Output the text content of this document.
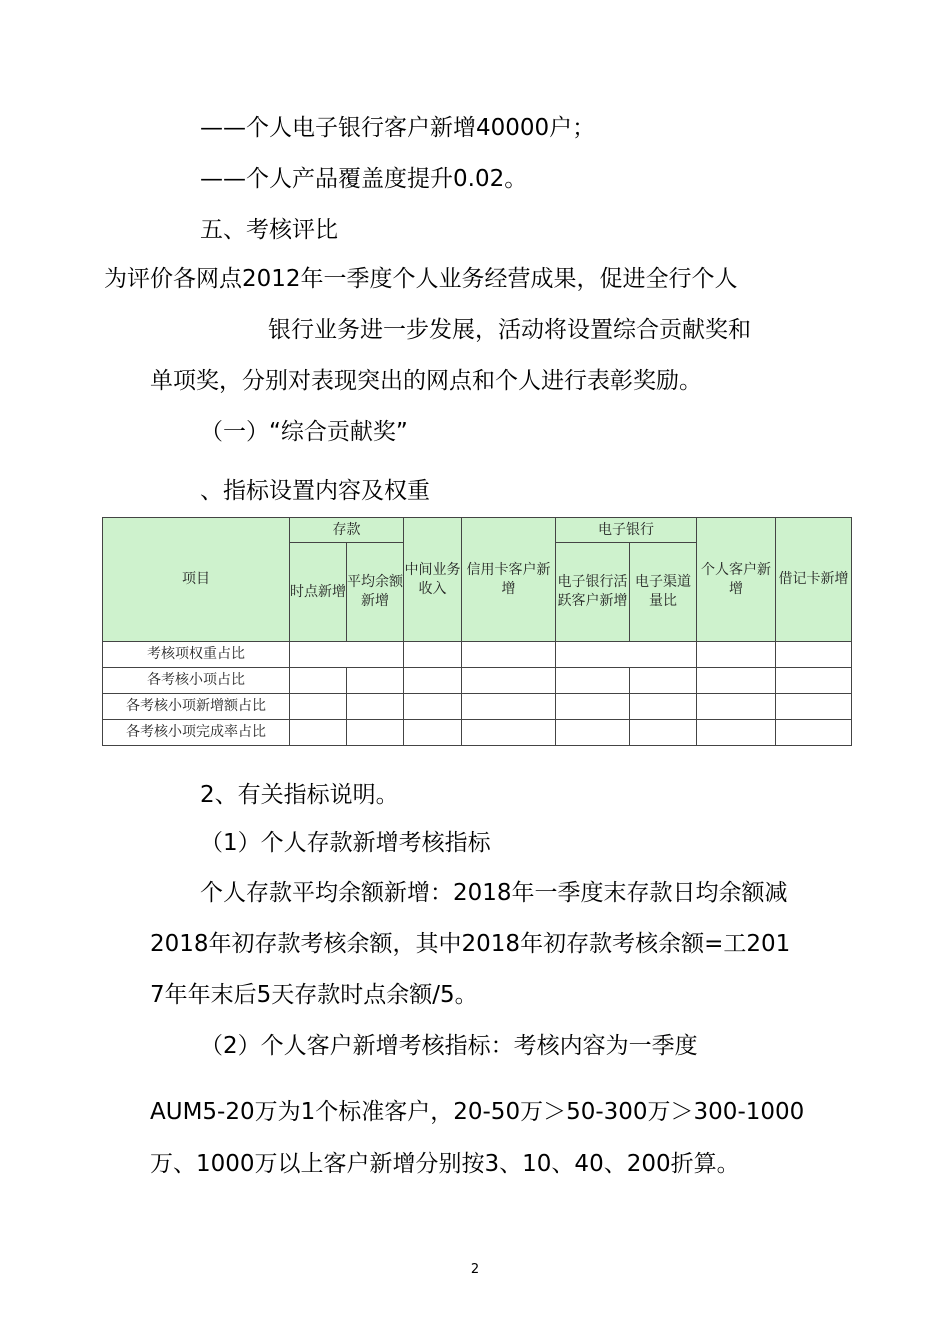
——个人电子银行客户新增40000户；
——个人产品覆盖度提升0.02。
五、考核评比
为评价各网点2012年一季度个人业务经营成果，促进全行个人
银行业务进一步发展，活动将设置综合贡献奖和
单项奖，分别对表现突出的网点和个人进行表彰奖励。
（一）“综合贡献奖”
、指标设置内容及权重
项目	存款		中间业务收入	信用卡客户新增	电子银行		个人客户新增	借记卡新增
	时点新增	平均余额新增			电子银行活跃客户新增	电子渠道量比		
考核项权重占比								
各考核小项占比								
各考核小项新增额占比								
各考核小项完成率占比								
2、有关指标说明。
（1）个人存款新增考核指标
个人存款平均余额新增：2018年一季度末存款日均余额减
2018年初存款考核余额，其中2018年初存款考核余额=工201
7年年末后5天存款时点余额/5。
（2）个人客户新增考核指标：考核内容为一季度
AUM5-20万为1个标准客户，20-50万＞50-300万＞300-1000
万、1000万以上客户新增分别按3、10、40、200折算。
2
